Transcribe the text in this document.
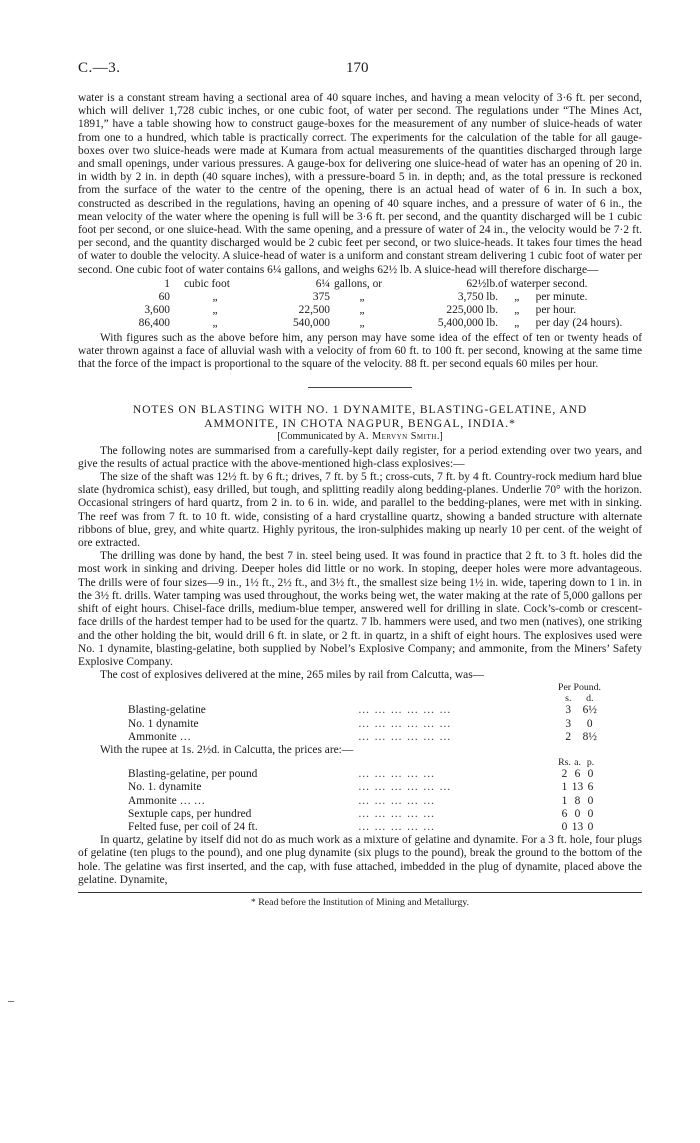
–
C.—3.	170

water is a constant stream having a sectional area of 40 square inches, and having a mean velocity of 3·6 ft. per second, which will deliver 1,728 cubic inches, or one cubic foot, of water per second. The regulations under “The Mines Act, 1891,” have a table showing how to construct gauge-boxes for the measurement of any number of sluice-heads of water from one to a hundred, which table is practically correct. The experiments for the calculation of the table for all gauge-boxes over two sluice-heads were made at Kumara from actual measurements of the quantities discharged through large and small openings, under various pressures. A gauge-box for delivering one sluice-head of water has an opening of 20 in. in width by 2 in. in depth (40 square inches), with a pressure-board 5 in. in depth; and, as the total pressure is reckoned from the surface of the water to the centre of the opening, there is an actual head of water of 6 in. In such a box, constructed as described in the regulations, having an opening of 40 square inches, and a pressure of water of 6 in., the mean velocity of the water where the opening is full will be 3·6 ft. per second, and the quantity discharged will be 1 cubic foot per second, or one sluice-head. With the same opening, and a pressure of water of 24 in., the velocity would be 7·2 ft. per second, and the quantity discharged would be 2 cubic feet per second, or two sluice-heads. It takes four times the head of water to double the velocity. A sluice-head of water is a uniform and constant stream delivering 1 cubic foot of water per second. One cubic foot of water contains 6¼ gallons, and weighs 62½ lb. A sluice-head will therefore discharge—

1	cubic foot		6¼	gallons, or		62½lb.	of water	per second.
60	„		375	„		3,750 lb.	„	per minute.
3,600	„		22,500	„		225,000 lb.	„	per hour.
86,400	„		540,000	„		5,400,000 lb.	„	per day (24 hours).

With figures such as the above before him, any person may have some idea of the effect of ten or twenty heads of water thrown against a face of alluvial wash with a velocity of from 60 ft. to 100 ft. per second, knowing at the same time that the force of the impact is proportional to the square of the velocity. 88 ft. per second equals 60 miles per hour.

NOTES ON BLASTING WITH NO. 1 DYNAMITE, BLASTING-GELATINE, AND
AMMONITE, IN CHOTA NAGPUR, BENGAL, INDIA.*
[Communicated by A. Mervyn Smith.]

The following notes are summarised from a carefully-kept daily register, for a period extending over two years, and give the results of actual practice with the above-mentioned high-class explosives:—

The size of the shaft was 12½ ft. by 6 ft.; drives, 7 ft. by 5 ft.; cross-cuts, 7 ft. by 4 ft. Country-rock medium hard blue slate (hydromica schist), easy drilled, but tough, and splitting readily along bedding-planes. Underlie 70° with the horizon. Occasional stringers of hard quartz, from 2 in. to 6 in. wide, and parallel to the bedding-planes, were met with in sinking. The reef was from 7 ft. to 10 ft. wide, consisting of a hard crystalline quartz, showing a banded structure with alternate ribbons of blue, grey, and white quartz. Highly pyritous, the iron-sulphides making up nearly 10 per cent. of the weight of ore extracted.

The drilling was done by hand, the best 7 in. steel being used. It was found in practice that 2 ft. to 3 ft. holes did the most work in sinking and driving. Deeper holes did little or no work. In stoping, deeper holes were more advantageous. The drills were of four sizes—9 in., 1½ ft., 2½ ft., and 3½ ft., the smallest size being 1½ in. wide, tapering down to 1 in. in the 3½ ft. drills. Water tamping was used throughout, the works being wet, the water making at the rate of 5,000 gallons per shift of eight hours. Chisel-face drills, medium-blue temper, answered well for drilling in slate. Cock’s-comb or crescent-face drills of the hardest temper had to be used for the quartz. 7 lb. hammers were used, and two men (natives), one striking and the other holding the bit, would drill 6 ft. in slate, or 2 ft. in quartz, in a shift of eight hours. The explosives used were No. 1 dynamite, blasting-gelatine, both supplied by Nobel’s Explosive Company; and ammonite, from the Miners’ Safety Explosive Company.

The cost of explosives delivered at the mine, 265 miles by rail from Calcutta, was—

		Per Pound.	
		s.	d.
Blasting-gelatine	… … … … … …	3	6½
No. 1 dynamite	… … … … … …	3	0
Ammonite …	… … … … … …	2	8½

With the rupee at 1s. 2½d. in Calcutta, the prices are:—

		Rs.	a.	p.
Blasting-gelatine, per pound	… … … … …	2	6	0
No. 1. dynamite	… … … … … …	1	13	6
Ammonite … …	… … … … …	1	8	0
Sextuple caps, per hundred	… … … … …	6	0	0
Felted fuse, per coil of 24 ft.	… … … … …	0	13	0

In quartz, gelatine by itself did not do as much work as a mixture of gelatine and dynamite. For a 3 ft. hole, four plugs of gelatine (ten plugs to the pound), and one plug dynamite (six plugs to the pound), break the ground to the bottom of the hole. The gelatine was first inserted, and the cap, with fuse attached, imbedded in the plug of dynamite, placed above the gelatine. Dynamite,

* Read before the Institution of Mining and Metallurgy.
